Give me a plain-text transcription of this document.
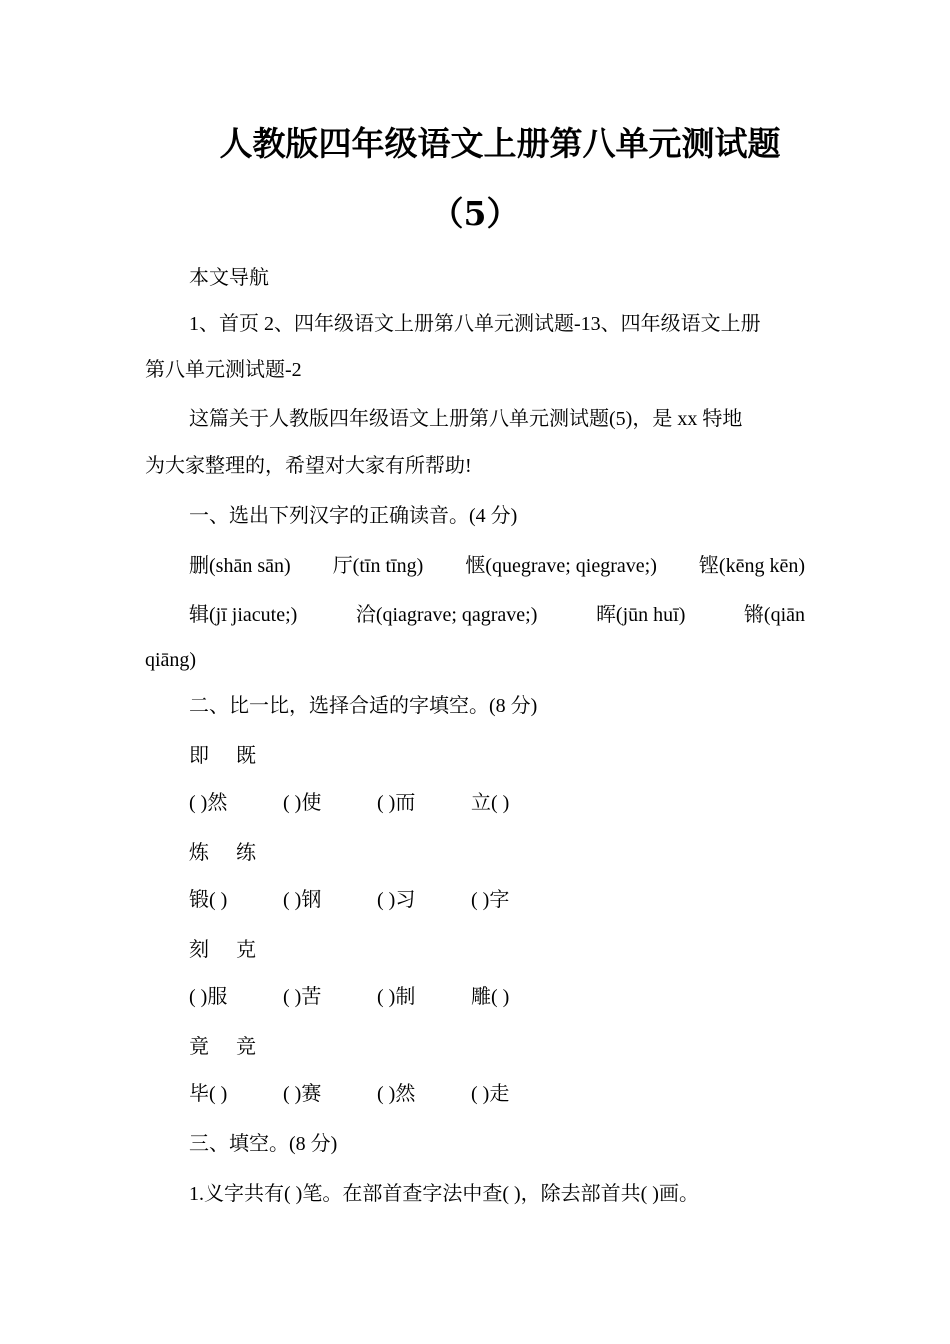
人教版四年级语文上册第八单元测试题
（5）
本文导航
1、首页 2、四年级语文上册第八单元测试题-13、四年级语文上册
第八单元测试题-2
这篇关于人教版四年级语文上册第八单元测试题(5)，是 xx 特地
为大家整理的，希望对大家有所帮助!
一、选出下列汉字的正确读音。(4 分)
删(shān sān) 厅(tīn tīng) 惬(quegrave; qiegrave;) 铿(kēng kēn)
辑(jī jiacute;)	洽(qiagrave; qagrave;)	晖(jūn huī)	锵(qiān
qiāng)
二、比一比，选择合适的字填空。(8 分)
即 既
( )然	( )使	( )而	立( )
炼 练
锻( )	( )钢	( )习	( )字
刻 克
( )服	( )苦	( )制	雕( )
竟 竞
毕( )	( )赛	( )然	( )走
三、填空。(8 分)
1.义字共有( )笔。在部首查字法中查( )，除去部首共( )画。
